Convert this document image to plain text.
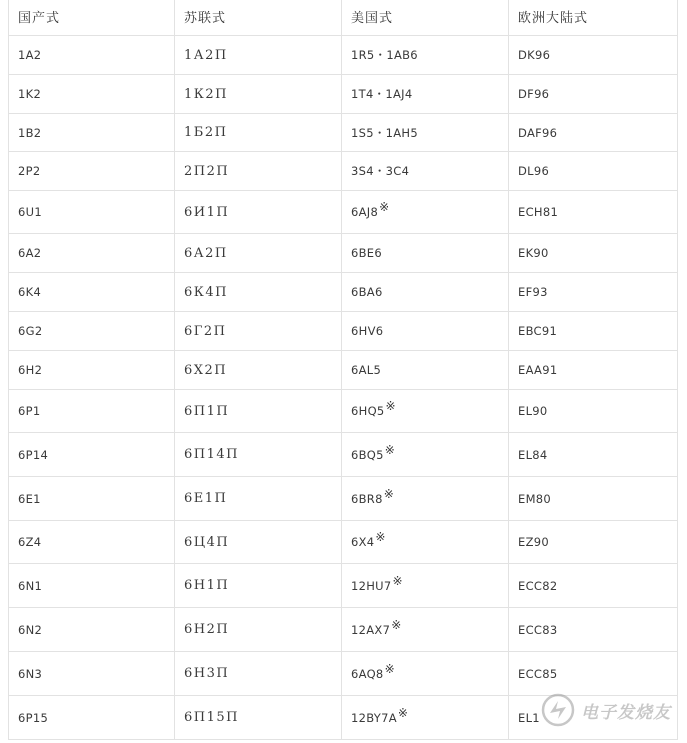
国产式	苏联式	美国式	欧洲大陆式
1A2	1А2П	1R5・1AB6	DK96
1K2	1К2П	1T4・1AJ4	DF96
1B2	1Б2П	1S5・1AH5	DAF96
2P2	2П2П	3S4・3C4	DL96
6U1	6И1П	6AJ8※	ECH81
6A2	6А2П	6BE6	EK90
6K4	6К4П	6BA6	EF93
6G2	6Г2П	6HV6	EBC91
6H2	6Х2П	6AL5	EAA91
6P1	6П1П	6HQ5※	EL90
6P14	6П14П	6BQ5※	EL84
6E1	6Е1П	6BR8※	EM80
6Z4	6Ц4П	6X4※	EZ90
6N1	6Н1П	12HU7※	ECC82
6N2	6Н2П	12AX7※	ECC83
6N3	6Н3П	6AQ8※	ECC85
6P15	6П15П	12BY7A※	EL1 电子发烧友
